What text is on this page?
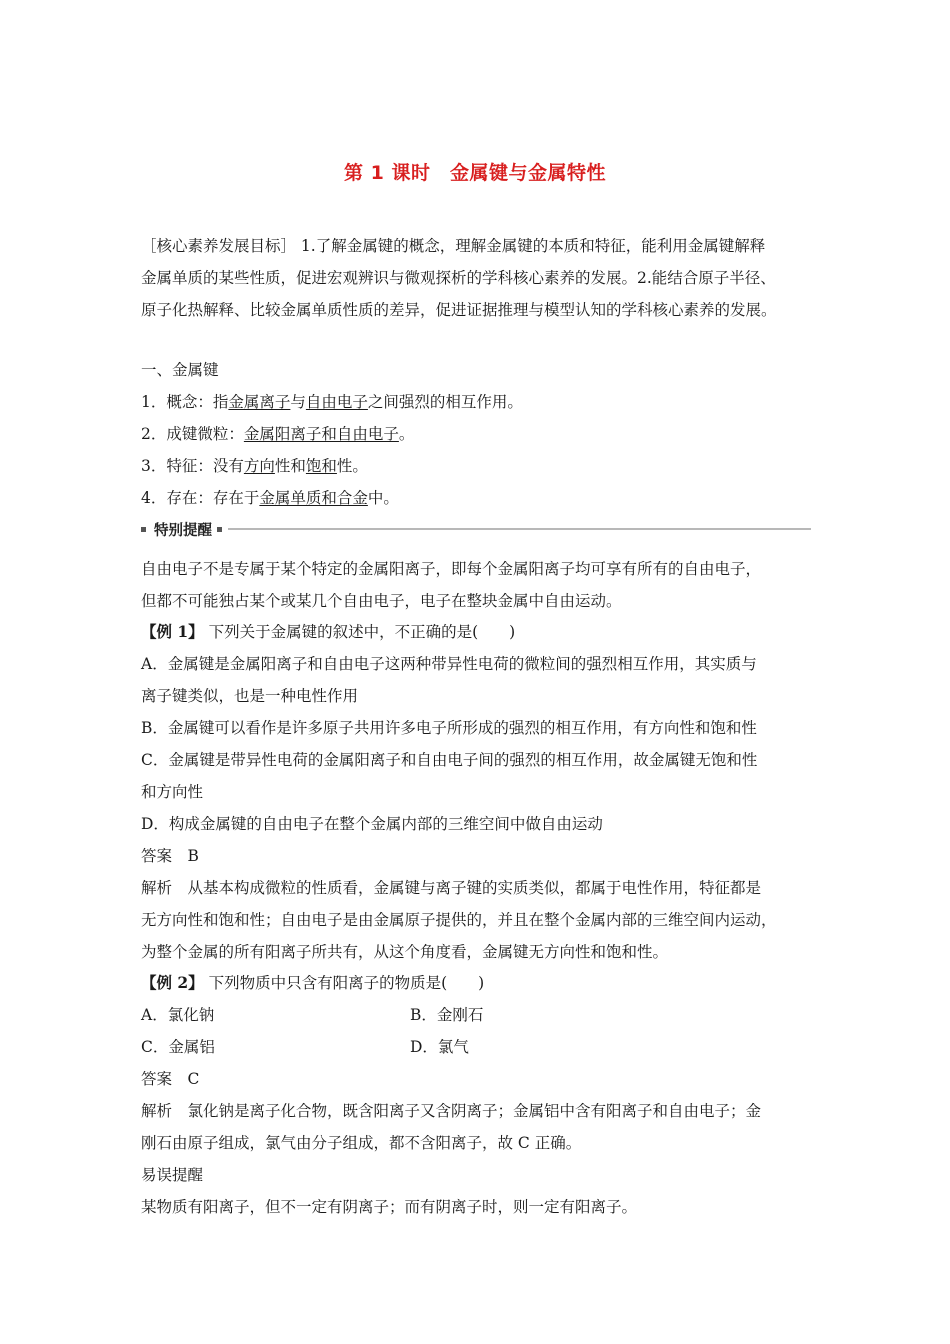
第 1 课时　金属键与金属特性
［核心素养发展目标］ 1.了解金属键的概念，理解金属键的本质和特征，能利用金属键解释
金属单质的某些性质，促进宏观辨识与微观探析的学科核心素养的发展。2.能结合原子半径、
原子化热解释、比较金属单质性质的差异，促进证据推理与模型认知的学科核心素养的发展。
一、金属键
1．概念：指金属离子与自由电子之间强烈的相互作用。
2．成键微粒：金属阳离子和自由电子。
3．特征：没有方向性和饱和性。
4．存在：存在于金属单质和合金中。
特别提醒
自由电子不是专属于某个特定的金属阳离子，即每个金属阳离子均可享有所有的自由电子，
但都不可能独占某个或某几个自由电子，电子在整块金属中自由运动。
【例 1】 下列关于金属键的叙述中，不正确的是(　　)
A．金属键是金属阳离子和自由电子这两种带异性电荷的微粒间的强烈相互作用，其实质与
离子键类似，也是一种电性作用
B．金属键可以看作是许多原子共用许多电子所形成的强烈的相互作用，有方向性和饱和性
C．金属键是带异性电荷的金属阳离子和自由电子间的强烈的相互作用，故金属键无饱和性
和方向性
D．构成金属键的自由电子在整个金属内部的三维空间中做自由运动
答案　B
解析　从基本构成微粒的性质看，金属键与离子键的实质类似，都属于电性作用，特征都是
无方向性和饱和性；自由电子是由金属原子提供的，并且在整个金属内部的三维空间内运动，
为整个金属的所有阳离子所共有，从这个角度看，金属键无方向性和饱和性。
【例 2】 下列物质中只含有阳离子的物质是(　　)
A．氯化钠	B．金刚石
C．金属铝	D．氯气
答案　C
解析　氯化钠是离子化合物，既含阳离子又含阴离子；金属铝中含有阳离子和自由电子；金
刚石由原子组成，氯气由分子组成，都不含阳离子，故 C 正确。
易误提醒
某物质有阳离子，但不一定有阴离子；而有阴离子时，则一定有阳离子。
